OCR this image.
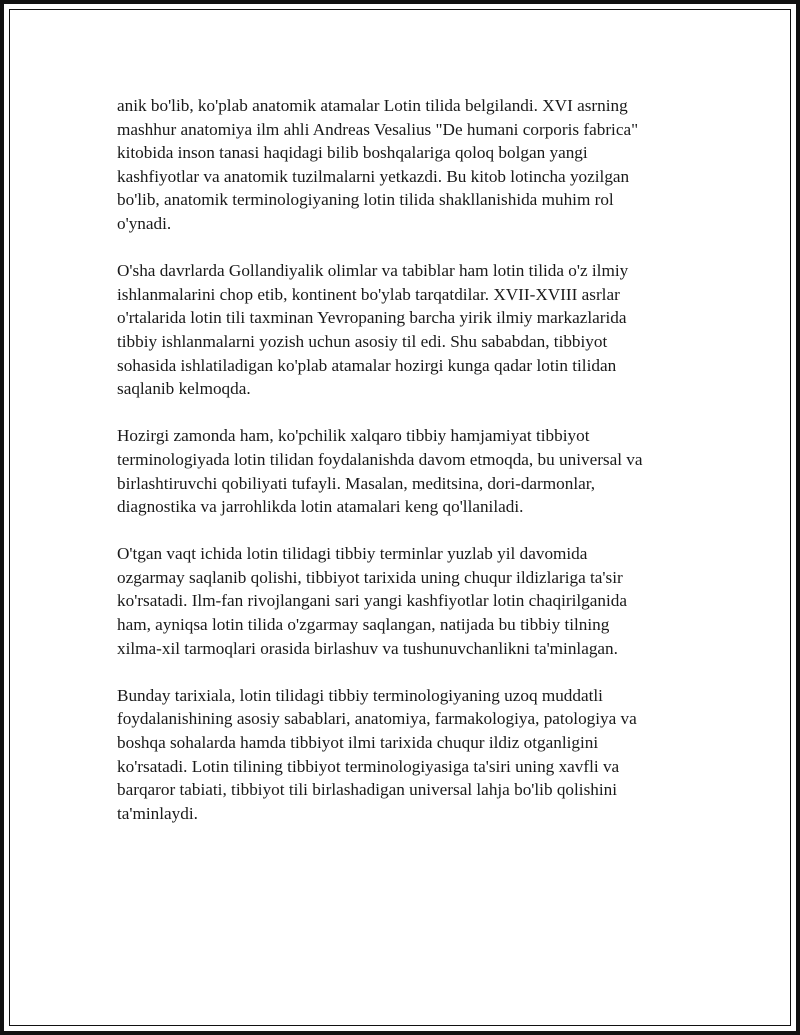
anik bo'lib, ko'plab anatomik atamalar Lotin tilida belgilandi. XVI asrning
mashhur anatomiya ilm ahli Andreas Vesalius "De humani corporis fabrica"
kitobida inson tanasi haqidagi bilib boshqalariga qoloq bolgan yangi
kashfiyotlar va anatomik tuzilmalarni yetkazdi. Bu kitob lotincha yozilgan
bo'lib, anatomik terminologiyaning lotin tilida shakllanishida muhim rol
o'ynadi.

O'sha davrlarda Gollandiyalik olimlar va tabiblar ham lotin tilida o'z ilmiy
ishlanmalarini chop etib, kontinent bo'ylab tarqatdilar. XVII-XVIII asrlar
o'rtalarida lotin tili taxminan Yevropaning barcha yirik ilmiy markazlarida
tibbiy ishlanmalarni yozish uchun asosiy til edi. Shu sababdan, tibbiyot
sohasida ishlatiladigan ko'plab atamalar hozirgi kunga qadar lotin tilidan
saqlanib kelmoqda.

Hozirgi zamonda ham, ko'pchilik xalqaro tibbiy hamjamiyat tibbiyot
terminologiyada lotin tilidan foydalanishda davom etmoqda, bu universal va
birlashtiruvchi qobiliyati tufayli. Masalan, meditsina, dori-darmonlar,
diagnostika va jarrohlikda lotin atamalari keng qo'llaniladi.

O'tgan vaqt ichida lotin tilidagi tibbiy terminlar yuzlab yil davomida
ozgarmay saqlanib qolishi, tibbiyot tarixida uning chuqur ildizlariga ta'sir
ko'rsatadi. Ilm-fan rivojlangani sari yangi kashfiyotlar lotin chaqirilganida
ham, ayniqsa lotin tilida o'zgarmay saqlangan, natijada bu tibbiy tilning
xilma-xil tarmoqlari orasida birlashuv va tushunuvchanlikni ta'minlagan.

Bunday tarixiala, lotin tilidagi tibbiy terminologiyaning uzoq muddatli
foydalanishining asosiy sabablari, anatomiya, farmakologiya, patologiya va
boshqa sohalarda hamda tibbiyot ilmi tarixida chuqur ildiz otganligini
ko'rsatadi. Lotin tilining tibbiyot terminologiyasiga ta'siri uning xavfli va
barqaror tabiati, tibbiyot tili birlashadigan universal lahja bo'lib qolishini
ta'minlaydi.
